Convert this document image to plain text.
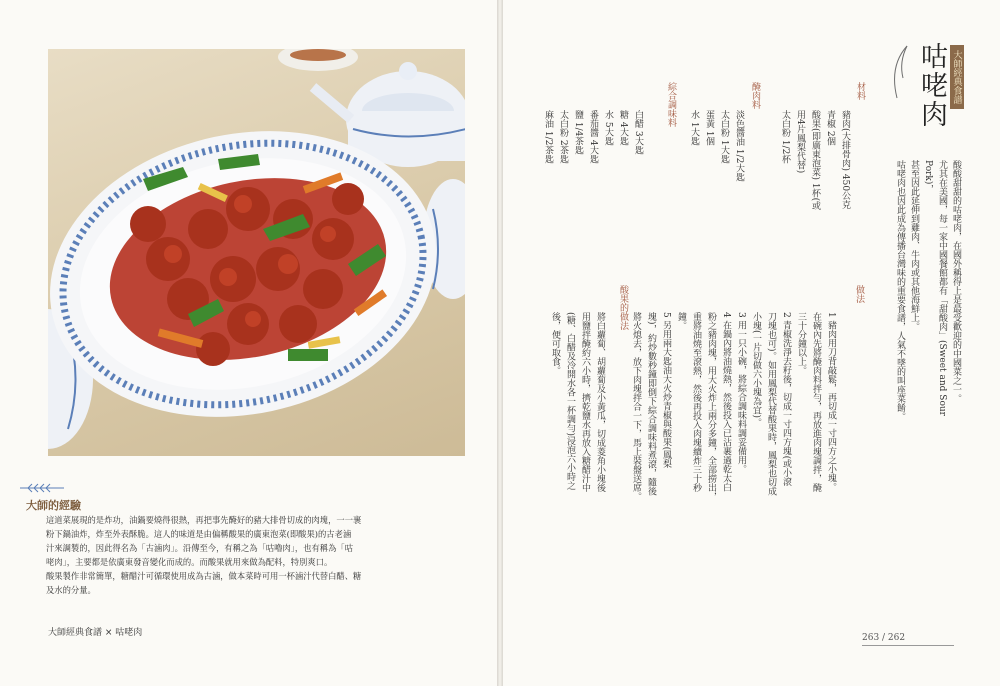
大師的經驗

這道菜展現的是炸功，油鍋要燒得很熱，再把事先醃好的豬大排骨切成的肉塊，一一裹

粉下鍋油炸，炸至外表酥脆。這人的味道是由偏稱酸果的廣東泡菜(即酸果)的古老滷

汁來調製的，因此得名為「古滷肉」。沿傳至今，有稱之為「咕嚕肉」，也有稱為「咕

咾肉」，主要都是依廣東發音變化而成的。而酸果就用來做為配料，特別爽口。

酸果製作非常簡單，糖醋汁可循環使用成為古滷，做本菜時可用一杯滷汁代替白醋、糖

及水的分量。

大師經典食譜 × 咕咾肉
大師經典食譜
咕咾肉

酸酸甜甜的咕咾肉，在國外稱得上是最受歡迎的中國菜之一。

尤其在美國，每一家中國餐館都有「甜酸肉」(Sweet and Sour Pork)，

甚至因此延伸到雞肉、牛肉或其他海鮮上。

咕咾肉也因此成為傳播台灣味的重要食譜，人氣不墜的叫座菜餚。

材料

豬肉(大排骨肉) 450公克

青椒 2個

酸果(即廣東泡菜) 1杯(或

用4片鳳梨代替)

太白粉 1/2杯

醃肉料

淡色醬油 1/2大匙

太白粉 1大匙

蛋黃 1個

水 1大匙

綜合調味料

白醋 3大匙

糖 4大匙

水 5大匙

番茄醬 4大匙

鹽 1/4茶匙

太白粉 2茶匙

麻油 1/2茶匙

做法

1 豬肉用刀背敲鬆，再切成一寸四方之小塊。

在碗內先將醃肉料拌勻，再放進肉塊調拌，醃

三十分鐘以上。

2 青椒洗淨去籽後，切成一寸四方塊(或小滾

刀塊也可)。如用鳳梨代替酸果時，鳳梨也切成

小塊(一片切做六小塊為宜)。

3 用一只小碗，將綜合調味料調妥備用。

4 在鍋內將油燒熱，然後投入已沾裹過乾太白

粉之豬肉塊，用大火炸上兩分多鐘，全部撈出，

重將油燒至滾熱，然後再投入肉塊續炸三十秒

鐘。

5 另用兩大匙油大火炒青椒與酸果(鳳梨

塊)，約炒數秒鐘即倒下綜合調味料煮滾，隨後

將火熄去，放下肉塊拌合一下，馬上裝盤送席。

酸果的做法

將白蘿蔔、胡蘿蔔及小黃瓜，切成菱角小塊後

用鹽拌醃約六小時，擠乾鹽水再放入糖醋汁中

(糖、白醋及冷開水各一杯調勻)浸泡六小時之

後，便可取食。

263 / 262
